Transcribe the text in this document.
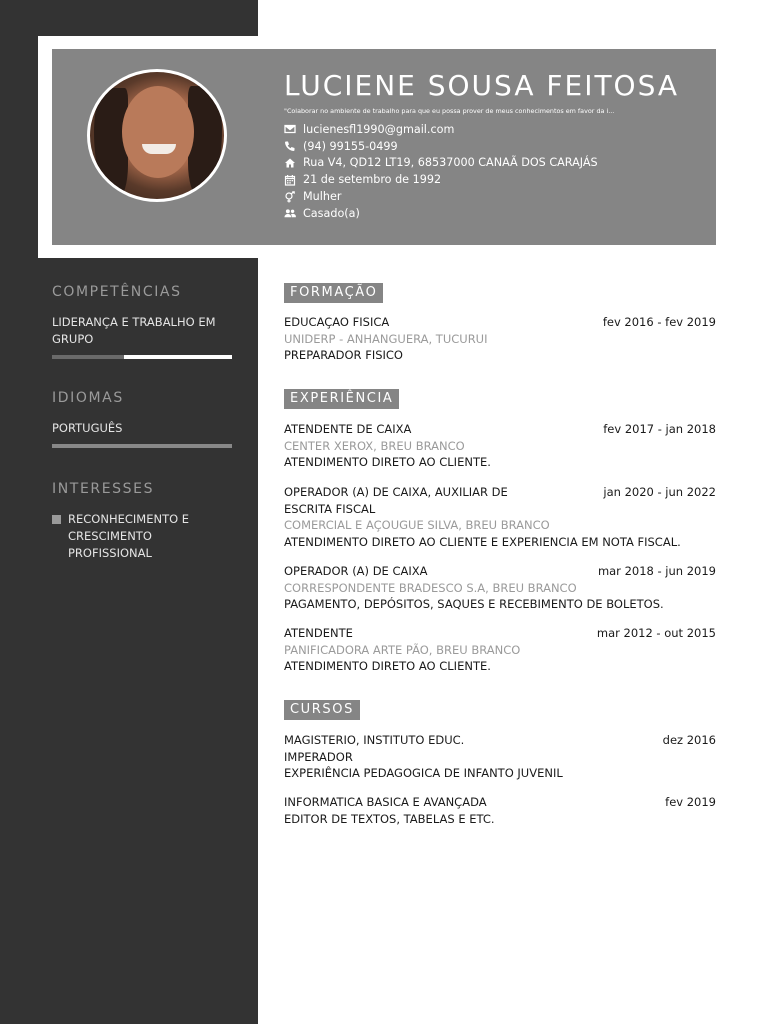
LUCIENE SOUSA FEITOSA
"Colaborar no ambiente de trabalho para que eu possa prover de meus conhecimentos em favor da i...
lucienesfl1990@gmail.com
(94) 99155-0499
Rua V4, QD12 LT19, 68537000 CANAÃ DOS CARAJÁS
21 de setembro de 1992
Mulher
Casado(a)
COMPETÊNCIAS
LIDERANÇA E TRABALHO EM GRUPO
IDIOMAS
PORTUGUÊS
INTERESSES
RECONHECIMENTO E CRESCIMENTO PROFISSIONAL
FORMAÇÃO
EDUCAÇAO FISICA	fev 2016 - fev 2019
UNIDERP - ANHANGUERA, TUCURUI
PREPARADOR FISICO
EXPERIÊNCIA
ATENDENTE DE CAIXA	fev 2017 - jan 2018
CENTER XEROX, BREU BRANCO
ATENDIMENTO DIRETO AO CLIENTE.
OPERADOR (A) DE CAIXA, AUXILIAR DE ESCRITA FISCAL
jan 2020 - jun 2022
COMERCIAL E AÇOUGUE SILVA, BREU BRANCO
ATENDIMENTO DIRETO AO CLIENTE E EXPERIENCIA EM NOTA FISCAL.
OPERADOR (A) DE CAIXA	mar 2018 - jun 2019
CORRESPONDENTE BRADESCO S.A, BREU BRANCO
PAGAMENTO, DEPÓSITOS, SAQUES E RECEBIMENTO DE BOLETOS.
ATENDENTE	mar 2012 - out 2015
PANIFICADORA ARTE PÃO, BREU BRANCO
ATENDIMENTO DIRETO AO CLIENTE.
CURSOS
MAGISTERIO, INSTITUTO EDUC. IMPERADOR
dez 2016
EXPERIÊNCIA PEDAGOGICA DE INFANTO JUVENIL
INFORMATICA BASICA E AVANÇADA	fev 2019
EDITOR DE TEXTOS, TABELAS E ETC.
